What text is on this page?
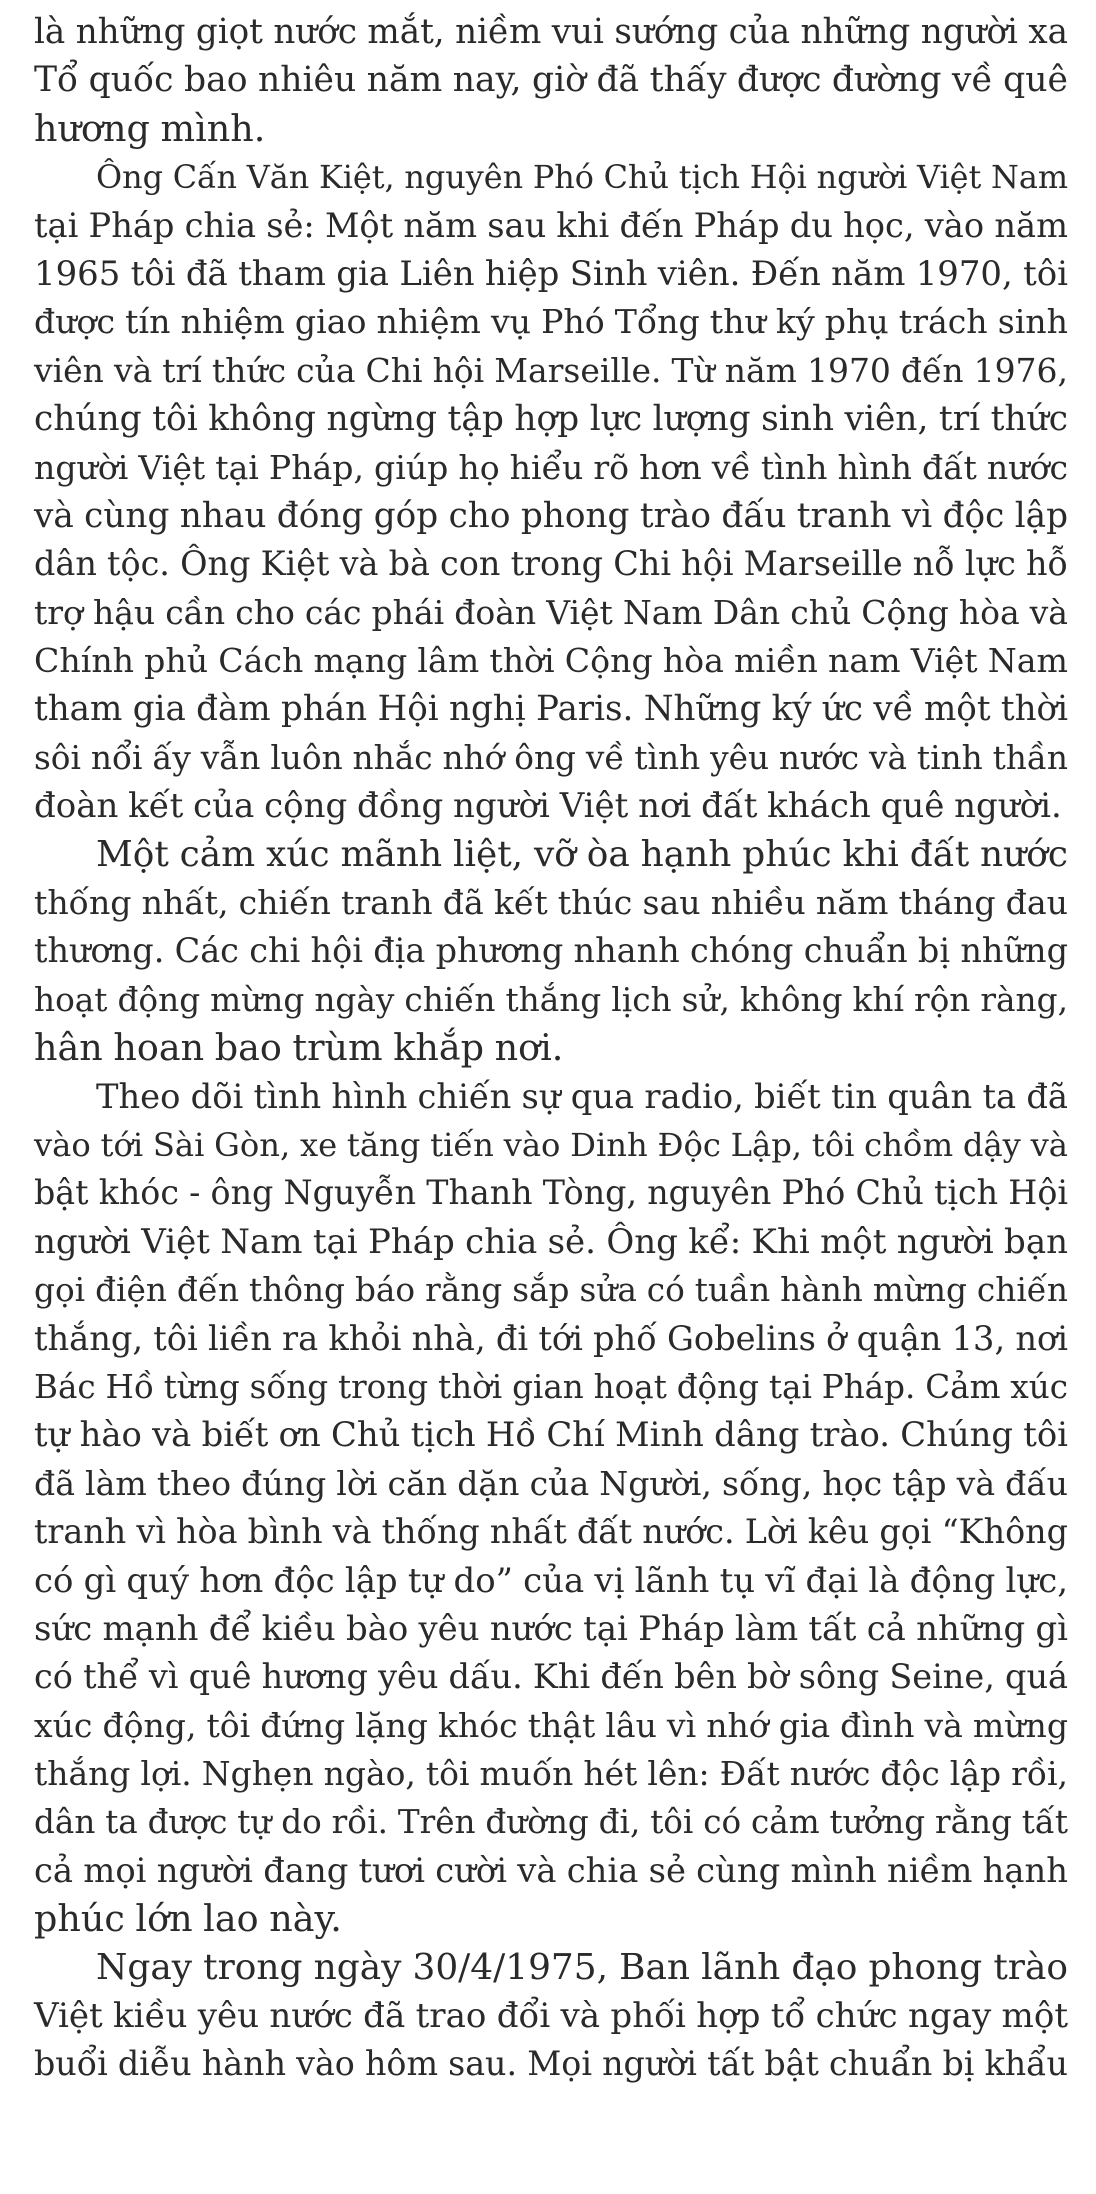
là những giọt nước mắt, niềm vui sướng của những người xa
Tổ quốc bao nhiêu năm nay, giờ đã thấy được đường về quê
hương mình.
Ông Cấn Văn Kiệt, nguyên Phó Chủ tịch Hội người Việt Nam
tại Pháp chia sẻ: Một năm sau khi đến Pháp du học, vào năm
1965 tôi đã tham gia Liên hiệp Sinh viên. Đến năm 1970, tôi
được tín nhiệm giao nhiệm vụ Phó Tổng thư ký phụ trách sinh
viên và trí thức của Chi hội Marseille. Từ năm 1970 đến 1976,
chúng tôi không ngừng tập hợp lực lượng sinh viên, trí thức
người Việt tại Pháp, giúp họ hiểu rõ hơn về tình hình đất nước
và cùng nhau đóng góp cho phong trào đấu tranh vì độc lập
dân tộc. Ông Kiệt và bà con trong Chi hội Marseille nỗ lực hỗ
trợ hậu cần cho các phái đoàn Việt Nam Dân chủ Cộng hòa và
Chính phủ Cách mạng lâm thời Cộng hòa miền nam Việt Nam
tham gia đàm phán Hội nghị Paris. Những ký ức về một thời
sôi nổi ấy vẫn luôn nhắc nhớ ông về tình yêu nước và tinh thần
đoàn kết của cộng đồng người Việt nơi đất khách quê người.
Một cảm xúc mãnh liệt, vỡ òa hạnh phúc khi đất nước
thống nhất, chiến tranh đã kết thúc sau nhiều năm tháng đau
thương. Các chi hội địa phương nhanh chóng chuẩn bị những
hoạt động mừng ngày chiến thắng lịch sử, không khí rộn ràng,
hân hoan bao trùm khắp nơi.
Theo dõi tình hình chiến sự qua radio, biết tin quân ta đã
vào tới Sài Gòn, xe tăng tiến vào Dinh Độc Lập, tôi chồm dậy và
bật khóc - ông Nguyễn Thanh Tòng, nguyên Phó Chủ tịch Hội
người Việt Nam tại Pháp chia sẻ. Ông kể: Khi một người bạn
gọi điện đến thông báo rằng sắp sửa có tuần hành mừng chiến
thắng, tôi liền ra khỏi nhà, đi tới phố Gobelins ở quận 13, nơi
Bác Hồ từng sống trong thời gian hoạt động tại Pháp. Cảm xúc
tự hào và biết ơn Chủ tịch Hồ Chí Minh dâng trào. Chúng tôi
đã làm theo đúng lời căn dặn của Người, sống, học tập và đấu
tranh vì hòa bình và thống nhất đất nước. Lời kêu gọi “Không
có gì quý hơn độc lập tự do” của vị lãnh tụ vĩ đại là động lực,
sức mạnh để kiều bào yêu nước tại Pháp làm tất cả những gì
có thể vì quê hương yêu dấu. Khi đến bên bờ sông Seine, quá
xúc động, tôi đứng lặng khóc thật lâu vì nhớ gia đình và mừng
thắng lợi. Nghẹn ngào, tôi muốn hét lên: Đất nước độc lập rồi,
dân ta được tự do rồi. Trên đường đi, tôi có cảm tưởng rằng tất
cả mọi người đang tươi cười và chia sẻ cùng mình niềm hạnh
phúc lớn lao này.
Ngay trong ngày 30/4/1975, Ban lãnh đạo phong trào
Việt kiều yêu nước đã trao đổi và phối hợp tổ chức ngay một
buổi diễu hành vào hôm sau. Mọi người tất bật chuẩn bị khẩu
